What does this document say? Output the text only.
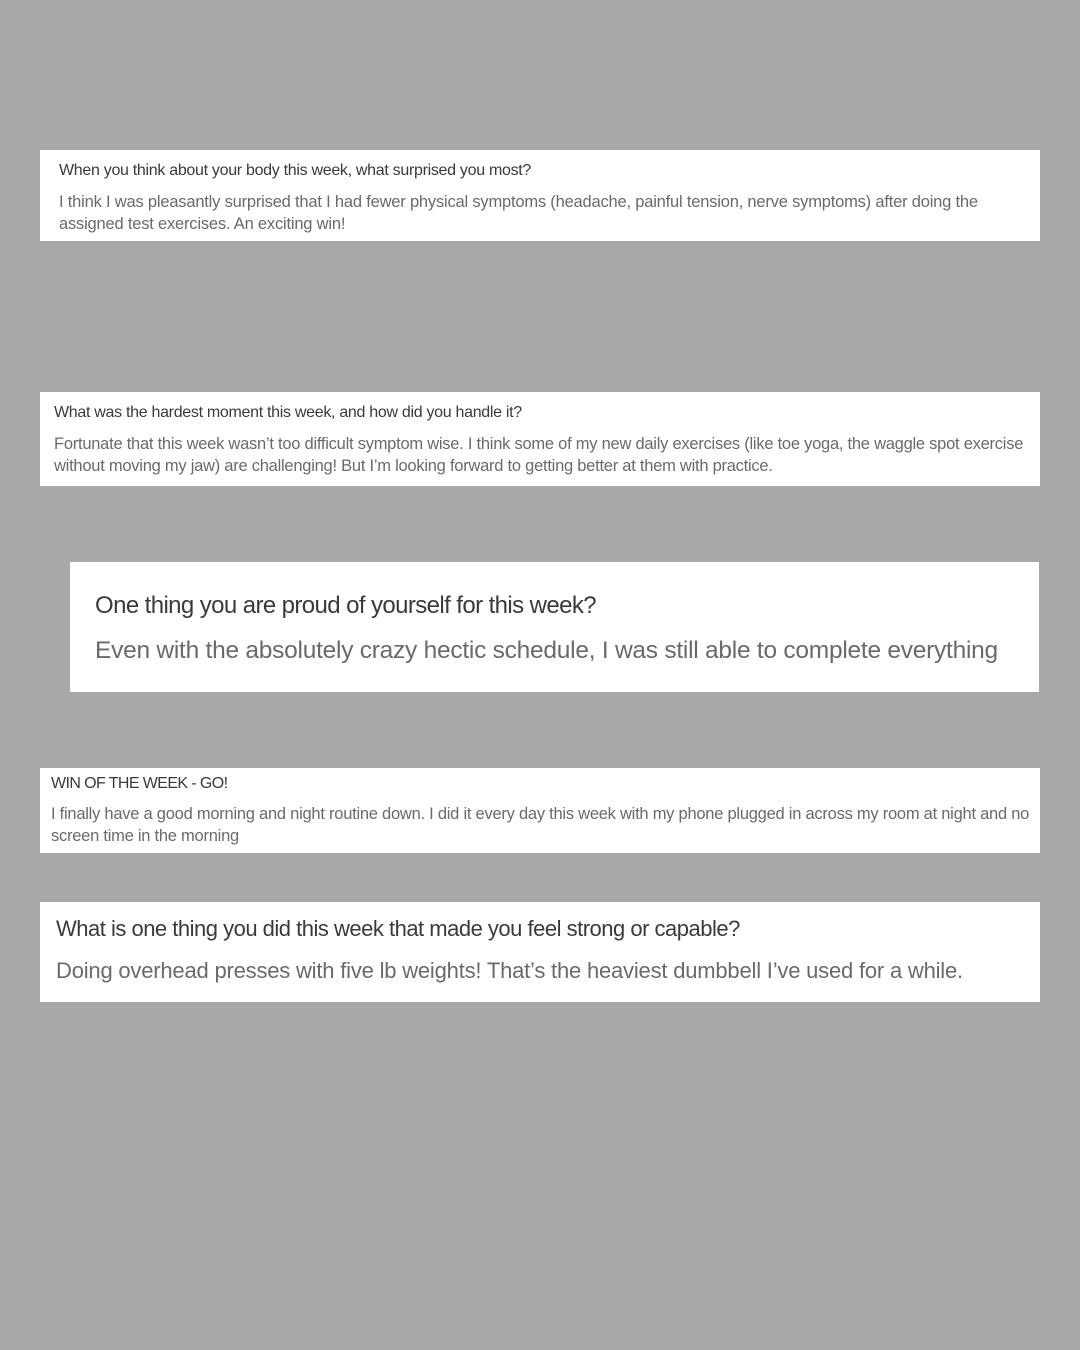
When you think about your body this week, what surprised you most?

I think I was pleasantly surprised that I had fewer physical symptoms (headache, painful tension, nerve symptoms) after doing the assigned test exercises. An exciting win!

What was the hardest moment this week, and how did you handle it?

Fortunate that this week wasn’t too difficult symptom wise. I think some of my new daily exercises (like toe yoga, the waggle spot exercise without moving my jaw) are challenging! But I’m looking forward to getting better at them with practice.

One thing you are proud of yourself for this week?

Even with the absolutely crazy hectic schedule, I was still able to complete everything

WIN OF THE WEEK - GO!

I finally have a good morning and night routine down. I did it every day this week with my phone plugged in across my room at night and no screen time in the morning

What is one thing you did this week that made you feel strong or capable?

Doing overhead presses with five lb weights! That’s the heaviest dumbbell I’ve used for a while.
